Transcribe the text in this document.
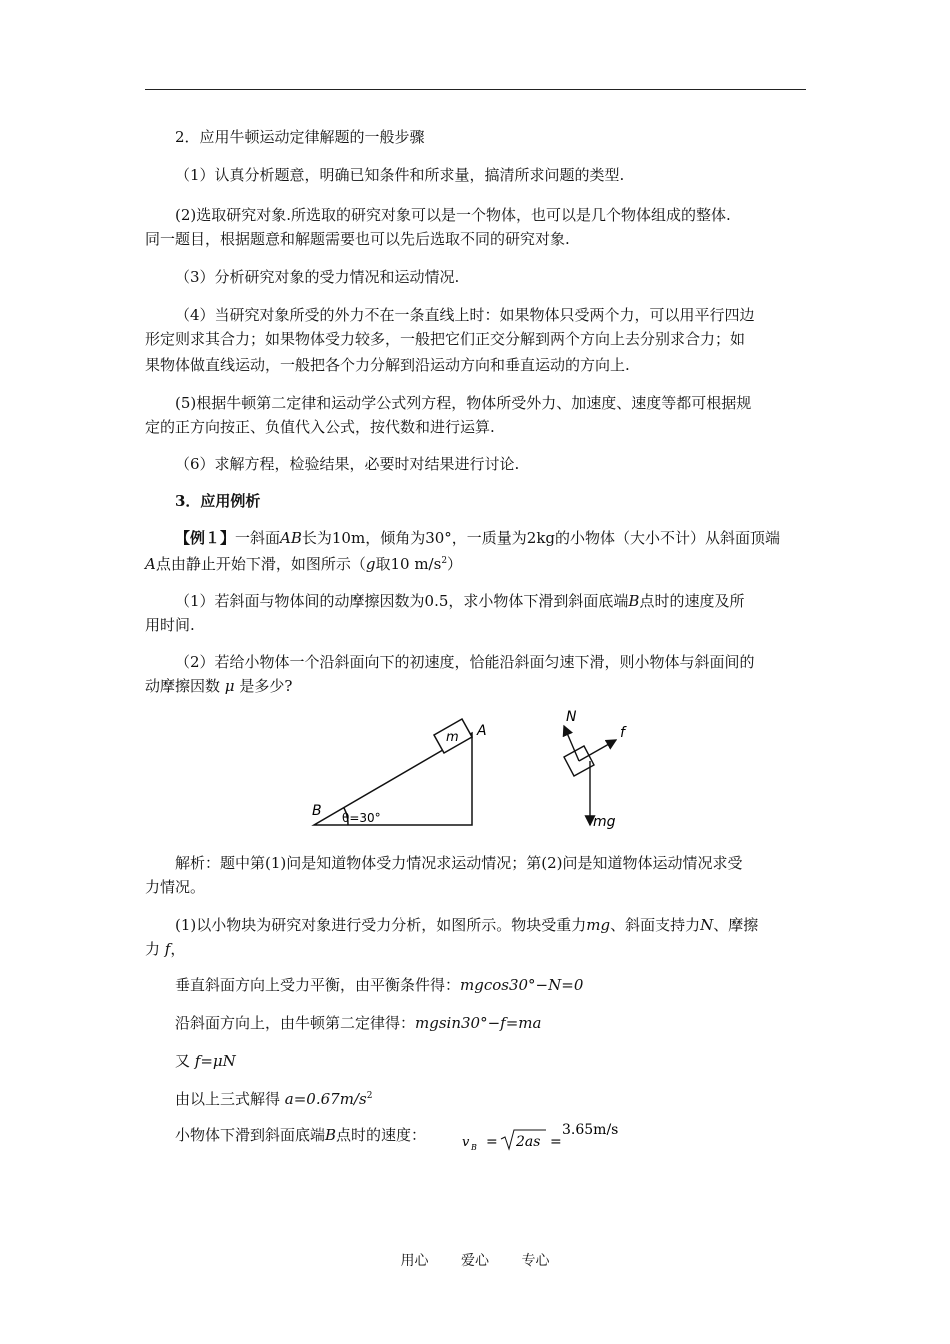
2．应用牛顿运动定律解题的一般步骤
（1）认真分析题意，明确已知条件和所求量，搞清所求问题的类型.
(2)选取研究对象.所选取的研究对象可以是一个物体，也可以是几个物体组成的整体.
同一题目，根据题意和解题需要也可以先后选取不同的研究对象.
（3）分析研究对象的受力情况和运动情况.
（4）当研究对象所受的外力不在一条直线上时：如果物体只受两个力，可以用平行四边
形定则求其合力；如果物体受力较多，一般把它们正交分解到两个方向上去分别求合力；如
果物体做直线运动，一般把各个力分解到沿运动方向和垂直运动的方向上.
(5)根据牛顿第二定律和运动学公式列方程，物体所受外力、加速度、速度等都可根据规
定的正方向按正、负值代入公式，按代数和进行运算.
（6）求解方程，检验结果，必要时对结果进行讨论.
3．应用例析
【例１】一斜面AB长为10m，倾角为30°，一质量为2kg的小物体（大小不计）从斜面顶端
A点由静止开始下滑，如图所示（g取10 $m/s^2$）
（1）若斜面与物体间的动摩擦因数为0.5，求小物体下滑到斜面底端B点时的速度及所
用时间.
（2）若给小物体一个沿斜面向下的初速度，恰能沿斜面匀速下滑，则小物体与斜面间的
动摩擦因数 μ 是多少?
m A
B θ=30°
N
f
mg
解析：题中第(1)问是知道物体受力情况求运动情况；第(2)问是知道物体运动情况求受
力情况。
(1)以小物块为研究对象进行受力分析，如图所示。物块受重力mg、斜面支持力N、摩擦
力 f，
垂直斜面方向上受力平衡，由平衡条件得：mgcos30°−N=0
沿斜面方向上，由牛顿第二定律得：mgsin30°−f=ma
又 f=μN
由以上三式解得 $a=0.67m/s^2$
小物体下滑到斜面底端B点时的速度：	v B = 2as =
3.65m/s
用心 爱心 专心
